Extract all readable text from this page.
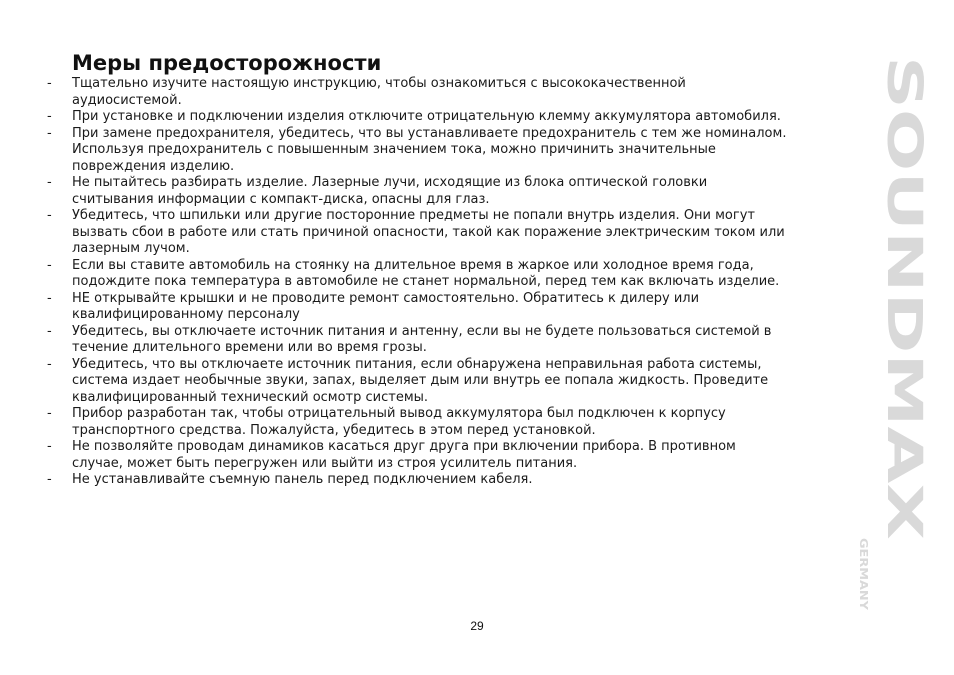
Меры предосторожности
- Тщательно изучите настоящую инструкцию, чтобы ознакомиться с высококачественной
аудиосистемой.
- При установке и подключении изделия отключите отрицательную клемму аккумулятора автомобиля.
- При замене предохранителя, убедитесь, что вы устанавливаете предохранитель с тем же номиналом.
Используя предохранитель с повышенным значением тока, можно причинить значительные
повреждения изделию.
- Не пытайтесь разбирать изделие. Лазерные лучи, исходящие из блока оптической головки
считывания информации с компакт-диска, опасны для глаз.
- Убедитесь, что шпильки или другие посторонние предметы не попали внутрь изделия. Они могут
вызвать сбои в работе или стать причиной опасности, такой как поражение электрическим током или
лазерным лучом.
- Если вы ставите автомобиль на стоянку на длительное время в жаркое или холодное время года,
подождите пока температура в автомобиле не станет нормальной, перед тем как включать изделие.
- НЕ открывайте крышки и не проводите ремонт самостоятельно. Обратитесь к дилеру или
квалифицированному персоналу
- Убедитесь, вы отключаете источник питания и антенну, если вы не будете пользоваться системой в
течение длительного времени или во время грозы.
- Убедитесь, что вы отключаете источник питания, если обнаружена неправильная работа системы,
система издает необычные звуки, запах, выделяет дым или внутрь ее попала жидкость. Проведите
квалифицированный технический осмотр системы.
- Прибор разработан так, чтобы отрицательный вывод аккумулятора был подключен к корпусу
транспортного средства. Пожалуйста, убедитесь в этом перед установкой.
- Не позволяйте проводам динамиков касаться друг друга при включении прибора. В противном
случае, может быть перегружен или выйти из строя усилитель питания.
- Не устанавливайте съемную панель перед подключением кабеля.
SOUNDMAX
GERMANY
29
